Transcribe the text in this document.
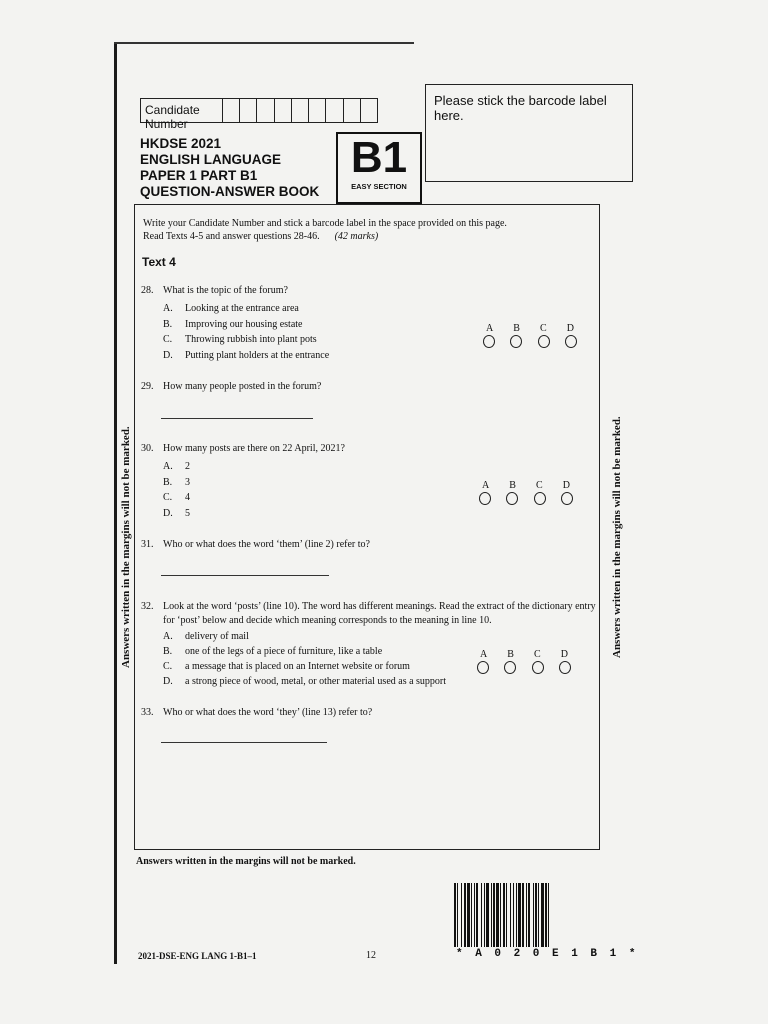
Answers written in the margins will not be marked.	Answers written in the margins will not be marked.
Candidate Number
HKDSE 2021
ENGLISH LANGUAGE
PAPER 1 PART B1
QUESTION-ANSWER BOOK
B1
EASY SECTION
Please stick the barcode label here.
Write your Candidate Number and stick a barcode label in the space provided on this page.
Read Texts 4-5 and answer questions 28-46. (42 marks)
Text 4
28. What is the topic of the forum?
A. Looking at the entrance area
B. Improving our housing estate
C. Throwing rubbish into plant pots
D. Putting plant holders at the entrance
A B C D
29. How many people posted in the forum?
30. How many posts are there on 22 April, 2021?
A. 2
B. 3
C. 4
D. 5
A B C D
31. Who or what does the word ‘them’ (line 2) refer to?
32. Look at the word ‘posts’ (line 10). The word has different meanings. Read the extract of the dictionary entry
for ‘post’ below and decide which meaning corresponds to the meaning in line 10.
A. delivery of mail
B. one of the legs of a piece of furniture, like a table
C. a message that is placed on an Internet website or forum
D. a strong piece of wood, metal, or other material used as a support
A B C D
33. Who or what does the word ‘they’ (line 13) refer to?
Answers written in the margins will not be marked.
* A 0 2 0 E 1 B 1 *
2021-DSE-ENG LANG 1-B1–1	12
